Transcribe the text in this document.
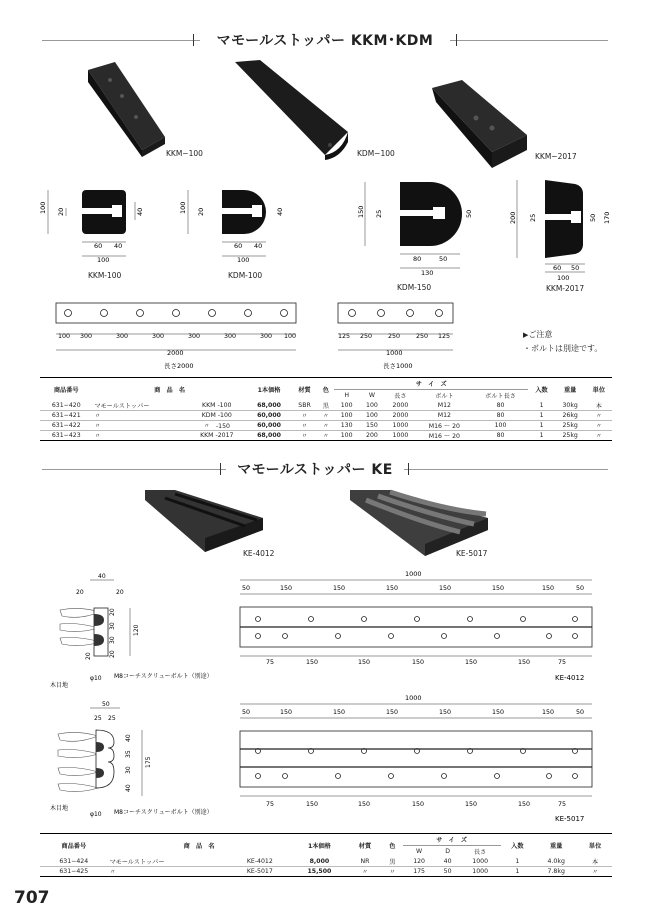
マモールストッパー KKM･KDM
KKM−100	KDM−100	KKM−2017
100 20	40
60 40
100
KKM-100
100 20	40
60 40
100
KDM-100
150 25	50
80	50
130
KDM-150
200 25	50 170
60 50
100
KKM-2017
100 300	300	300	300	300	300 100
2000
長さ2000
125 250	250	250 125
1000
長さ1000
▶ご注意
・ボルトは別途です。
商品番号	商　品　名		1本価格	材質	色	サ　イ　ズ					入数	重量	単位
						H	W	長さ	ボルト	ボルト長さ			
631−420	マモールストッパー	KKM -100	68,000	SBR	黒	100	100	2000	M12	80	1	30kg	本
631−421	〃	KDM -100	60,000	〃	〃	100	100	2000	M12	80	1	26kg	〃
631−422	〃	〃　-150	60,000	〃	〃	130	150	1000	M16 〜 20	100	1	25kg	〃
631−423	〃	KKM -2017	68,000	〃	〃	100	200	1000	M16 〜 20	80	1	25kg	〃
マモールストッパー KE
KE-4012	KE-5017
40
20	20
20
30
30
20
120
20
木目地
φ10 M8コーチスクリューボルト（別途）
1000
50	150	150	150	150	150	150	50
75	150	150	150	150	150	75
KE-4012
50
25 25
40
35
30
40
175
木目地
φ10 M8コーチスクリューボルト（別途）
1000
50	150	150	150	150	150	150	50
75	150	150	150	150	150	75
KE-5017
商品番号	商　品　名		1本価格	材質	色	サ　イ　ズ			入数	重量	単位
						W	D	長さ			
631−424	マモールストッパー	KE-4012	8,000	NR	黒	120	40	1000	1	4.0kg	本
631−425	〃	KE-5017	15,500	〃	〃	175	50	1000	1	7.8kg	〃
707
